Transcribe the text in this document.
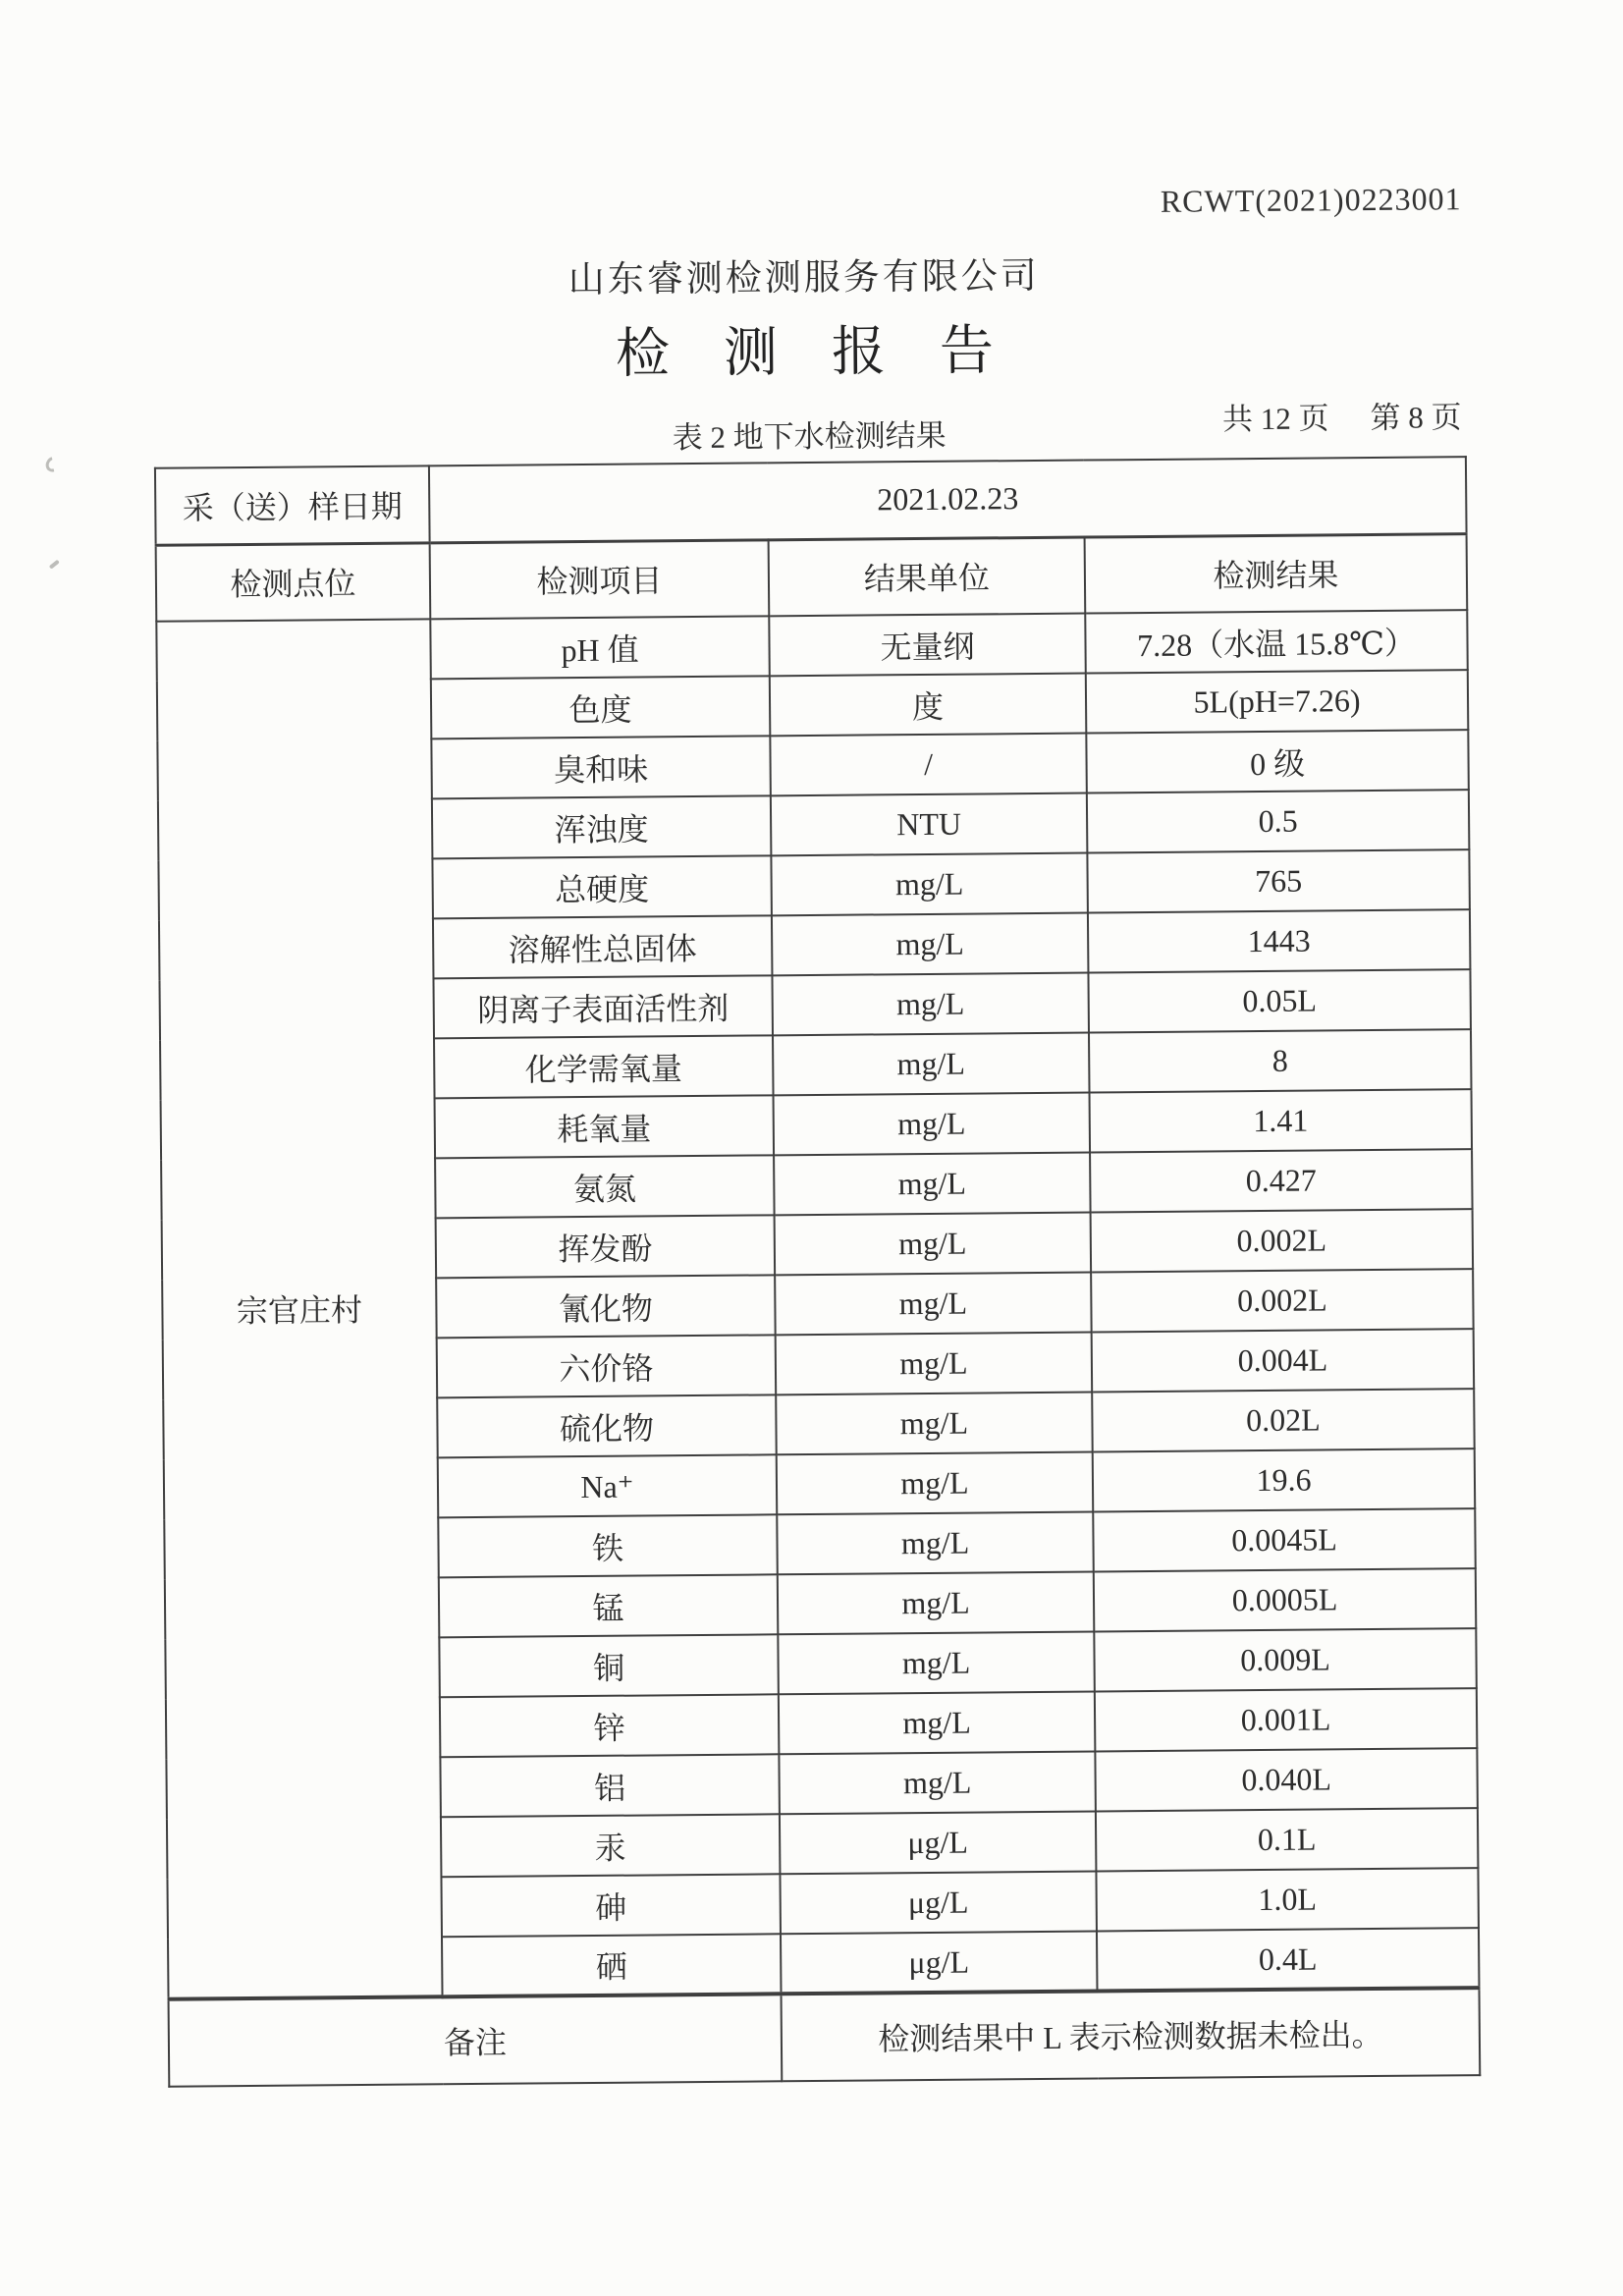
RCWT(2021)0223001
山东睿测检测服务有限公司
检　测　报　告
表 2 地下水检测结果	共 12 页 第 8 页
采（送）样日期	2021.02.23		
检测点位	检测项目	结果单位	检测结果
宗官庄村	pH 值	无量纲	7.28（水温 15.8℃）
	色度	度	5L(pH=7.26)
	臭和味	/	0 级
	浑浊度	NTU	0.5
	总硬度	mg/L	765
	溶解性总固体	mg/L	1443
	阴离子表面活性剂	mg/L	0.05L
	化学需氧量	mg/L	8
	耗氧量	mg/L	1.41
	氨氮	mg/L	0.427
	挥发酚	mg/L	0.002L
	氰化物	mg/L	0.002L
	六价铬	mg/L	0.004L
	硫化物	mg/L	0.02L
	Na⁺	mg/L	19.6
	铁	mg/L	0.0045L
	锰	mg/L	0.0005L
	铜	mg/L	0.009L
	锌	mg/L	0.001L
	铝	mg/L	0.040L
	汞	μg/L	0.1L
	砷	μg/L	1.0L
	硒	μg/L	0.4L
备注		检测结果中 L 表示检测数据未检出。	
